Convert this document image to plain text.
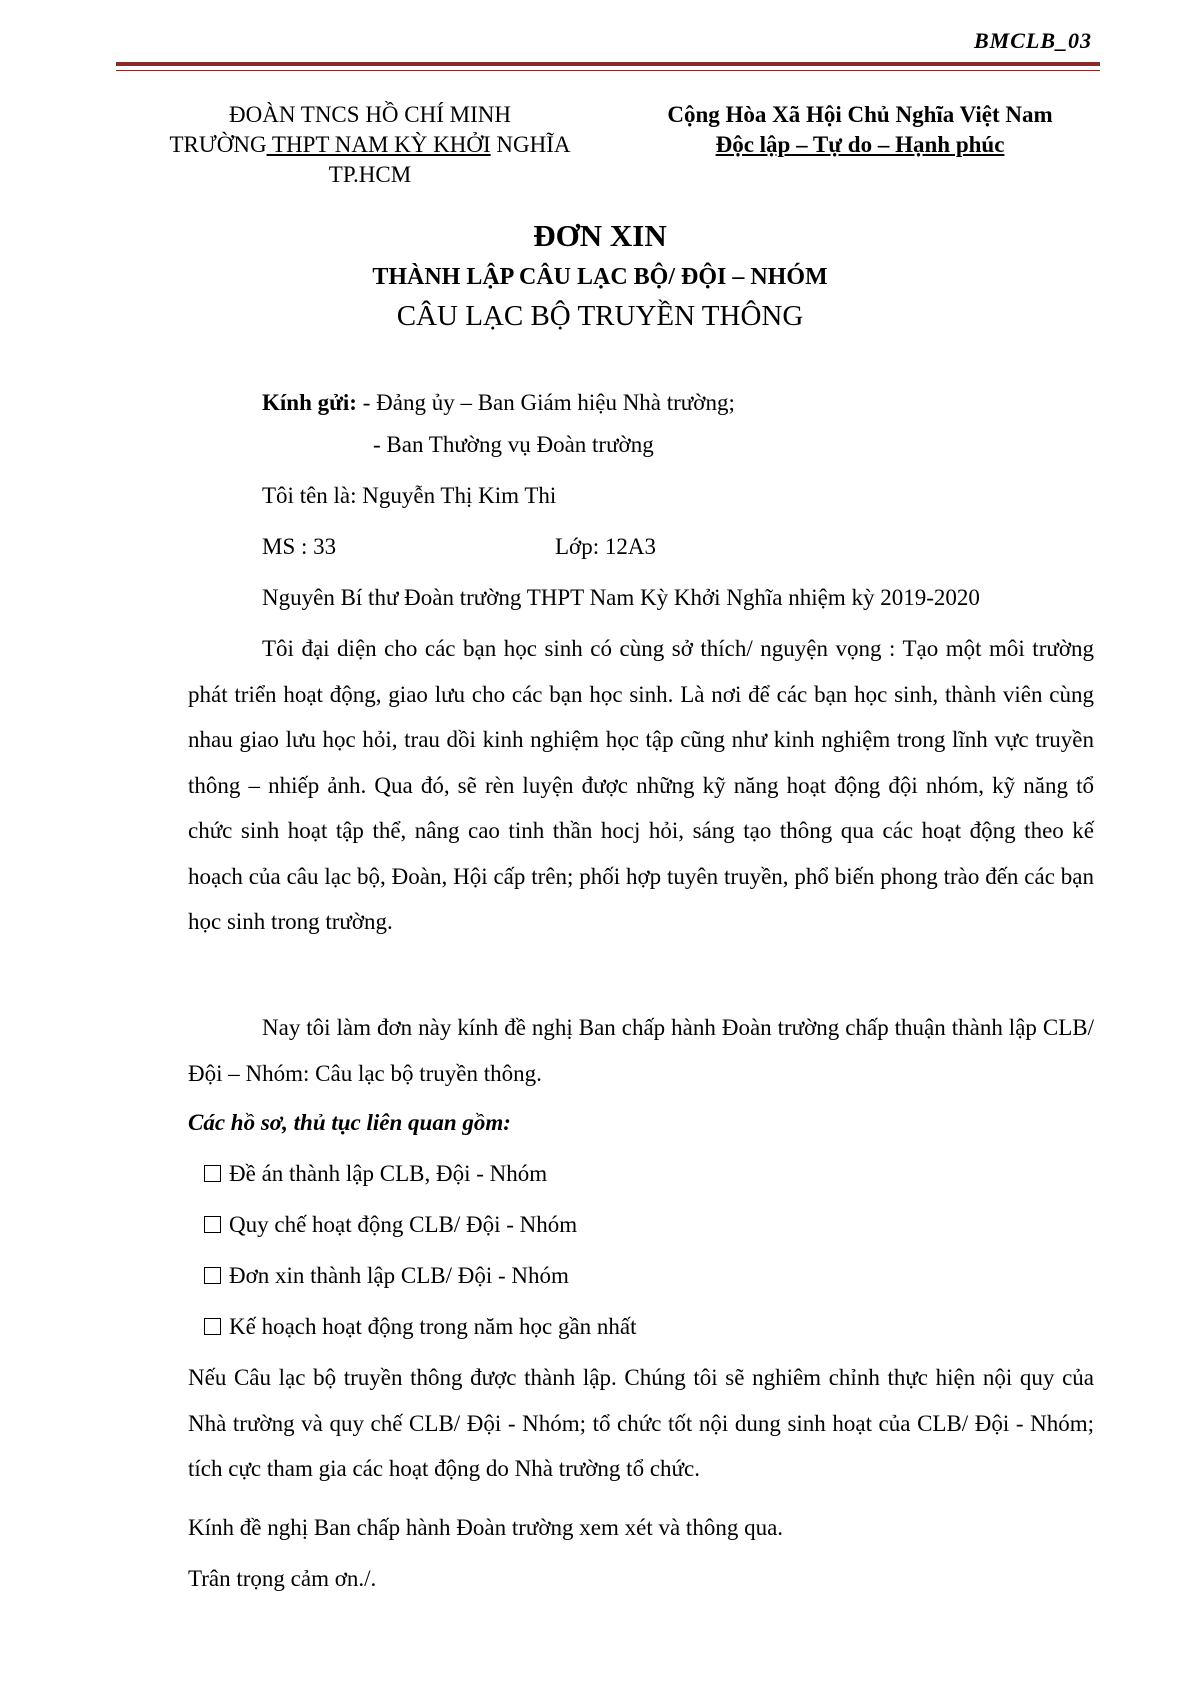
BMCLB_03
ĐOÀN TNCS HỒ CHÍ MINH
TRƯỜNG THPT NAM KỲ KHỞI NGHĨA
TP.HCM
Cộng Hòa Xã Hội Chủ Nghĩa Việt Nam
Độc lập – Tự do – Hạnh phúc
ĐƠN XIN
THÀNH LẬP CÂU LẠC BỘ/ ĐỘI – NHÓM
CÂU LẠC BỘ TRUYỀN THÔNG
Kính gửi: - Đảng ủy – Ban Giám hiệu Nhà trường;
- Ban Thường vụ Đoàn trường
Tôi tên là: Nguyễn Thị Kim Thi
MS : 33	Lớp: 12A3
Nguyên Bí thư Đoàn trường THPT Nam Kỳ Khởi Nghĩa nhiệm kỳ 2019-2020
Tôi đại diện cho các bạn học sinh có cùng sở thích/ nguyện vọng : Tạo một môi trường phát triển hoạt động, giao lưu cho các bạn học sinh. Là nơi để các bạn học sinh, thành viên cùng nhau giao lưu học hỏi, trau dồi kinh nghiệm học tập cũng như kinh nghiệm trong lĩnh vực truyền thông – nhiếp ảnh. Qua đó, sẽ rèn luyện được những kỹ năng hoạt động đội nhóm, kỹ năng tổ chức sinh hoạt tập thể, nâng cao tinh thần hocj hỏi, sáng tạo thông qua các hoạt động theo kế hoạch của câu lạc bộ, Đoàn, Hội cấp trên; phối hợp tuyên truyền, phổ biến phong trào đến các bạn học sinh trong trường.
Nay tôi làm đơn này kính đề nghị Ban chấp hành Đoàn trường chấp thuận thành lập CLB/ Đội – Nhóm: Câu lạc bộ truyền thông.
Các hồ sơ, thủ tục liên quan gồm:
Đề án thành lập CLB, Đội - Nhóm
Quy chế hoạt động CLB/ Đội - Nhóm
Đơn xin thành lập CLB/ Đội - Nhóm
Kế hoạch hoạt động trong năm học gần nhất
Nếu Câu lạc bộ truyền thông được thành lập. Chúng tôi sẽ nghiêm chỉnh thực hiện nội quy của Nhà trường và quy chế CLB/ Đội - Nhóm; tổ chức tốt nội dung sinh hoạt của CLB/ Đội - Nhóm; tích cực tham gia các hoạt động do Nhà trường tổ chức.
Kính đề nghị Ban chấp hành Đoàn trường xem xét và thông qua.
Trân trọng cảm ơn./.
